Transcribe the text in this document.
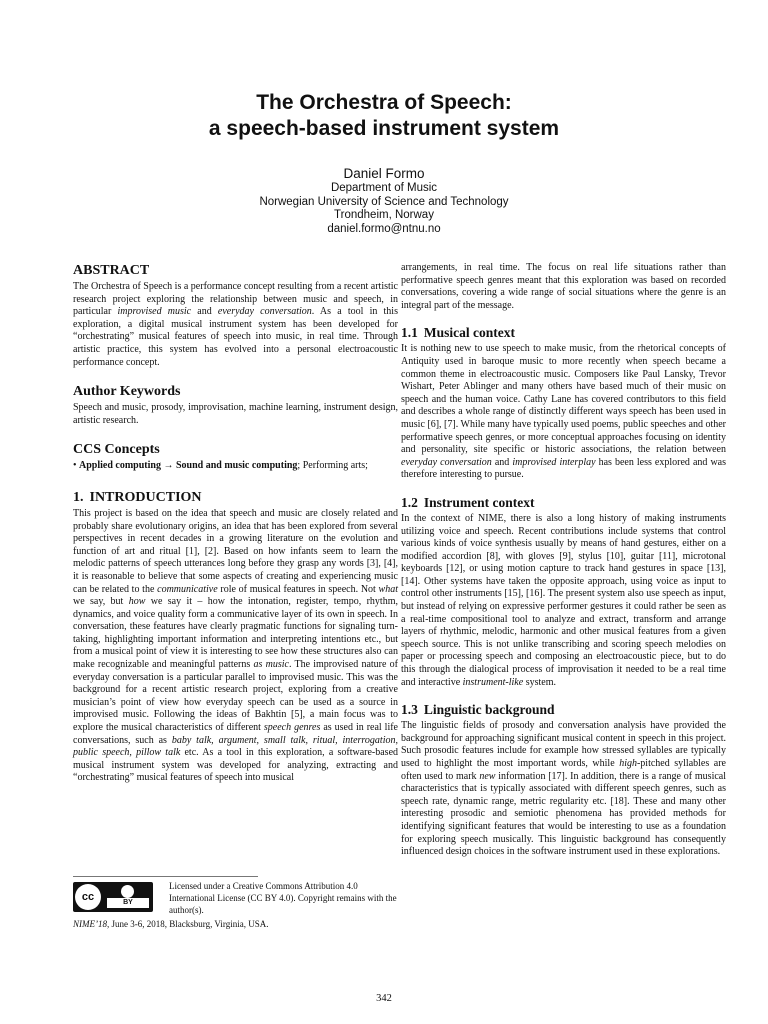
The Orchestra of Speech:
a speech-based instrument system
Daniel Formo
Department of Music
Norwegian University of Science and Technology
Trondheim, Norway
daniel.formo@ntnu.no
ABSTRACT

The Orchestra of Speech is a performance concept resulting from a recent artistic research project exploring the relationship between music and speech, in particular improvised music and everyday conversation. As a tool in this exploration, a digital musical instrument system has been developed for “orchestrating” musical features of speech into music, in real time. Through artistic practice, this system has evolved into a personal electroacoustic performance concept.

Author Keywords

Speech and music, prosody, improvisation, machine learning, instrument design, artistic research.

CCS Concepts

• Applied computing → Sound and music computing; Performing arts;

1. INTRODUCTION

This project is based on the idea that speech and music are closely related and probably share evolutionary origins, an idea that has been explored from several perspectives in recent decades in a growing literature on the evolution and function of art and ritual [1], [2]. Based on how infants seem to learn the melodic patterns of speech utterances long before they grasp any words [3], [4], it is reasonable to believe that some aspects of creating and experiencing music can be related to the communicative role of musical features in speech. Not what we say, but how we say it – how the intonation, register, tempo, rhythm, dynamics, and voice quality form a communicative layer of its own in speech. In conversation, these features have clearly pragmatic functions for signaling turn-taking, highlighting important information and interpreting intentions etc., but from a musical point of view it is interesting to see how these structures also can make recognizable and meaningful patterns as music. The improvised nature of everyday conversation is a particular parallel to improvised music. This was the background for a recent artistic research project, exploring from a creative musician’s point of view how everyday speech can be used as a source in improvised music. Following the ideas of Bakhtin [5], a main focus was to explore the musical characteristics of different speech genres as used in real life conversations, such as baby talk, argument, small talk, ritual, interrogation, public speech, pillow talk etc. As a tool in this exploration, a software-based musical instrument system was developed for analyzing, extracting and “orchestrating” musical features of speech into musical

arrangements, in real time. The focus on real life situations rather than performative speech genres meant that this exploration was based on recorded conversations, covering a wide range of social situations where the genre is an integral part of the message.

1.1 Musical context

It is nothing new to use speech to make music, from the rhetorical concepts of Antiquity used in baroque music to more recently when speech became a common theme in electroacoustic music. Composers like Paul Lansky, Trevor Wishart, Peter Ablinger and many others have based much of their music on speech and the human voice. Cathy Lane has covered contributors to this field and describes a whole range of distinctly different ways speech has been used in music [6], [7]. While many have typically used poems, public speeches and other performative speech genres, or more conceptual approaches focusing on identity and personality, site specific or historic associations, the relation between everyday conversation and improvised interplay has been less explored and was therefore interesting to pursue.

1.2 Instrument context

In the context of NIME, there is also a long history of making instruments utilizing voice and speech. Recent contributions include systems that control various kinds of voice synthesis usually by means of hand gestures, either on a modified accordion [8], with gloves [9], stylus [10], guitar [11], microtonal keyboards [12], or using motion capture to track hand gestures in space [13], [14]. Other systems have taken the opposite approach, using voice as input to control other instruments [15], [16]. The present system also use speech as input, but instead of relying on expressive performer gestures it could rather be seen as a real-time compositional tool to analyze and extract, transform and arrange layers of rhythmic, melodic, harmonic and other musical features from a given speech source. This is not unlike transcribing and scoring speech melodies on paper or processing speech and composing an electroacoustic piece, but to do this through the dialogical process of improvisation it needed to be a real time and interactive instrument-like system.

1.3 Linguistic background

The linguistic fields of prosody and conversation analysis have provided the background for approaching significant musical content in speech in this project. Such prosodic features include for example how stressed syllables are typically used to highlight the most important words, while high-pitched syllables are often used to mark new information [17]. In addition, there is a range of musical characteristics that is typically associated with different speech genres, such as speech rate, dynamic range, metric regularity etc. [18]. These and many other interesting prosodic and semiotic phenomena has provided methods for identifying significant features that would be interesting to use as a foundation for exploring speech musically. This linguistic background has consequently influenced design choices in the software instrument used in these explorations.

cc	BY
Licensed under a Creative Commons Attribution 4.0 International License (CC BY 4.0). Copyright remains with the author(s).
NIME’18, June 3-6, 2018, Blacksburg, Virginia, USA.
342
